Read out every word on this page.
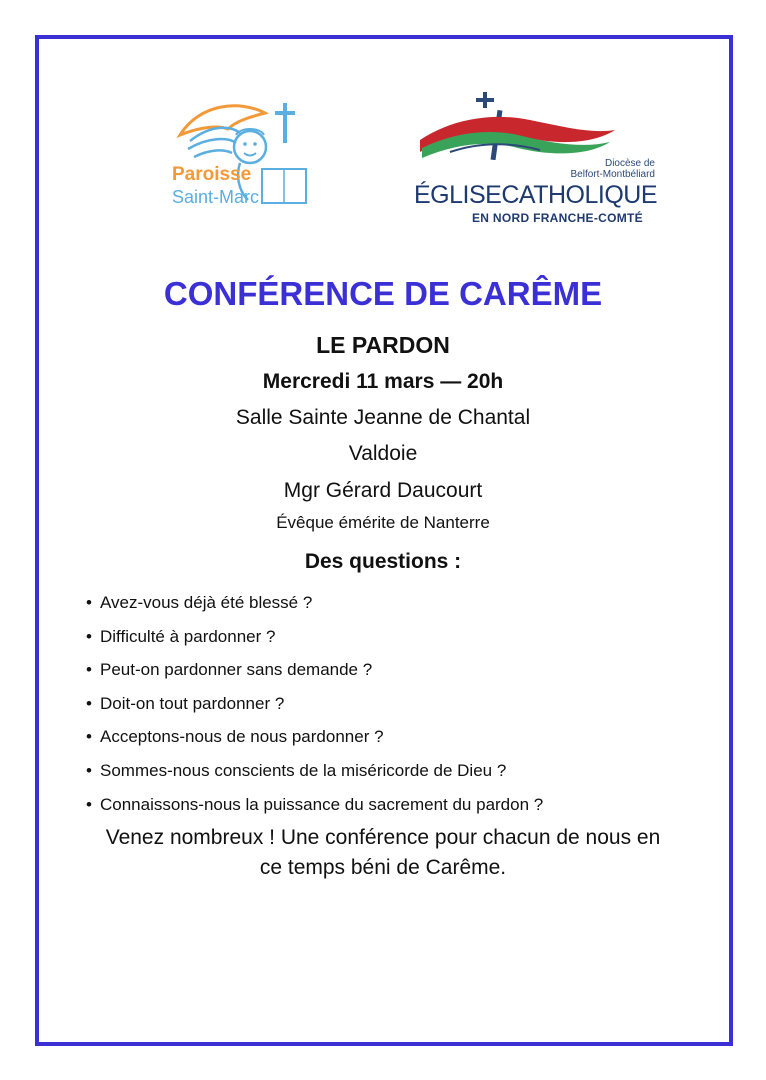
Paroisse
Saint-Marc
Diocèse de
Belfort-Montbéliard
ÉGLISECATHOLIQUE
EN NORD FRANCHE-COMTÉ
CONFÉRENCE DE CARÊME
LE PARDON
Mercredi 11 mars — 20h
Salle Sainte Jeanne de Chantal
Valdoie
Mgr Gérard Daucourt
Évêque émérite de Nanterre
Des questions :
• Avez-vous déjà été blessé ?
• Difficulté à pardonner ?
• Peut-on pardonner sans demande ?
• Doit-on tout pardonner ?
• Acceptons-nous de nous pardonner ?
• Sommes-nous conscients de la miséricorde de Dieu ?
• Connaissons-nous la puissance du sacrement du pardon ?
Venez nombreux ! Une conférence pour chacun de nous en
ce temps béni de Carême.
